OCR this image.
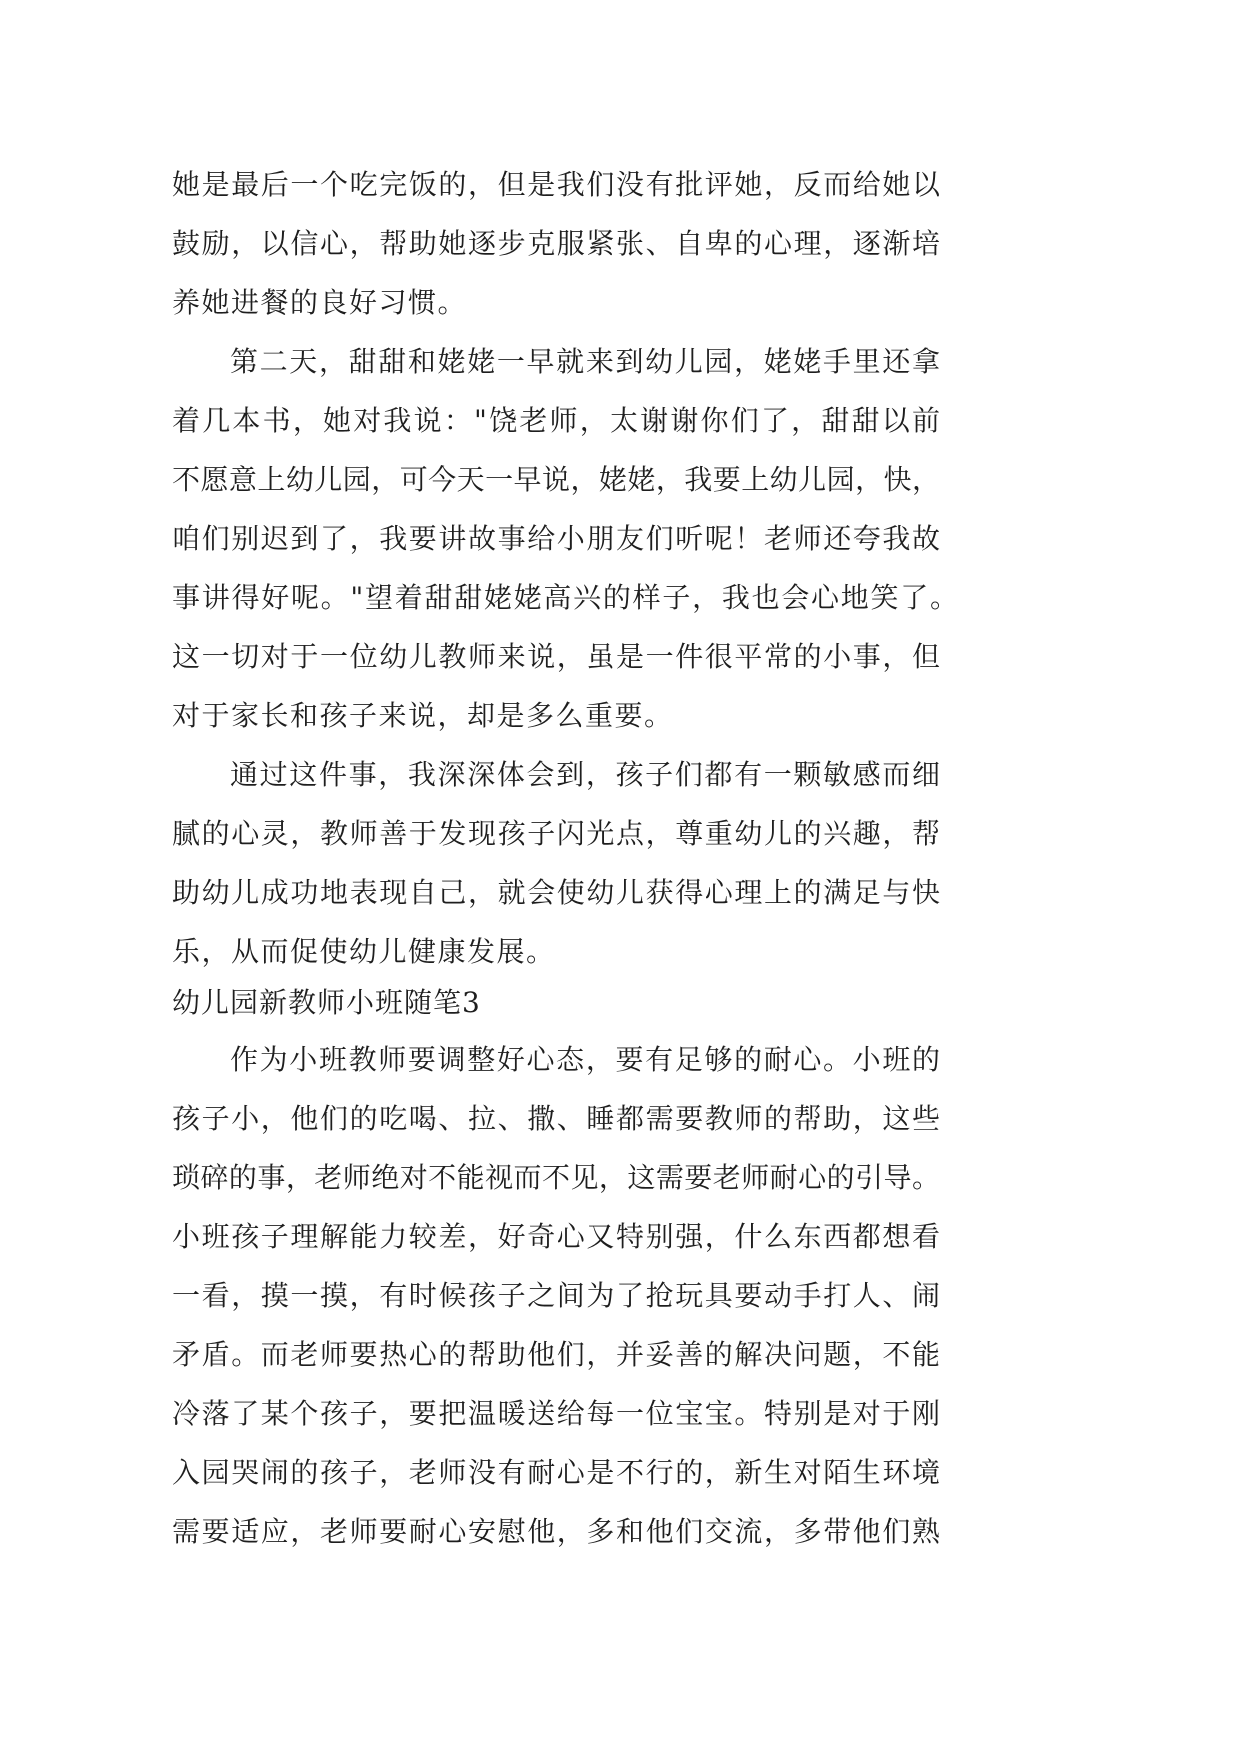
她是最后一个吃完饭的，但是我们没有批评她，反而给她以
鼓励，以信心，帮助她逐步克服紧张、自卑的心理，逐渐培
养她进餐的良好习惯。
第二天，甜甜和姥姥一早就来到幼儿园，姥姥手里还拿
着几本书，她对我说："饶老师，太谢谢你们了，甜甜以前
不愿意上幼儿园，可今天一早说，姥姥，我要上幼儿园，快，
咱们别迟到了，我要讲故事给小朋友们听呢！老师还夸我故
事讲得好呢。"望着甜甜姥姥高兴的样子，我也会心地笑了。
这一切对于一位幼儿教师来说，虽是一件很平常的小事，但
对于家长和孩子来说，却是多么重要。
通过这件事，我深深体会到，孩子们都有一颗敏感而细
腻的心灵，教师善于发现孩子闪光点，尊重幼儿的兴趣，帮
助幼儿成功地表现自己，就会使幼儿获得心理上的满足与快
乐，从而促使幼儿健康发展。
幼儿园新教师小班随笔3
作为小班教师要调整好心态，要有足够的耐心。小班的
孩子小，他们的吃喝、拉、撒、睡都需要教师的帮助，这些
琐碎的事，老师绝对不能视而不见，这需要老师耐心的引导。
小班孩子理解能力较差，好奇心又特别强，什么东西都想看
一看，摸一摸，有时候孩子之间为了抢玩具要动手打人、闹
矛盾。而老师要热心的帮助他们，并妥善的解决问题，不能
冷落了某个孩子，要把温暖送给每一位宝宝。特别是对于刚
入园哭闹的孩子，老师没有耐心是不行的，新生对陌生环境
需要适应，老师要耐心安慰他，多和他们交流，多带他们熟
